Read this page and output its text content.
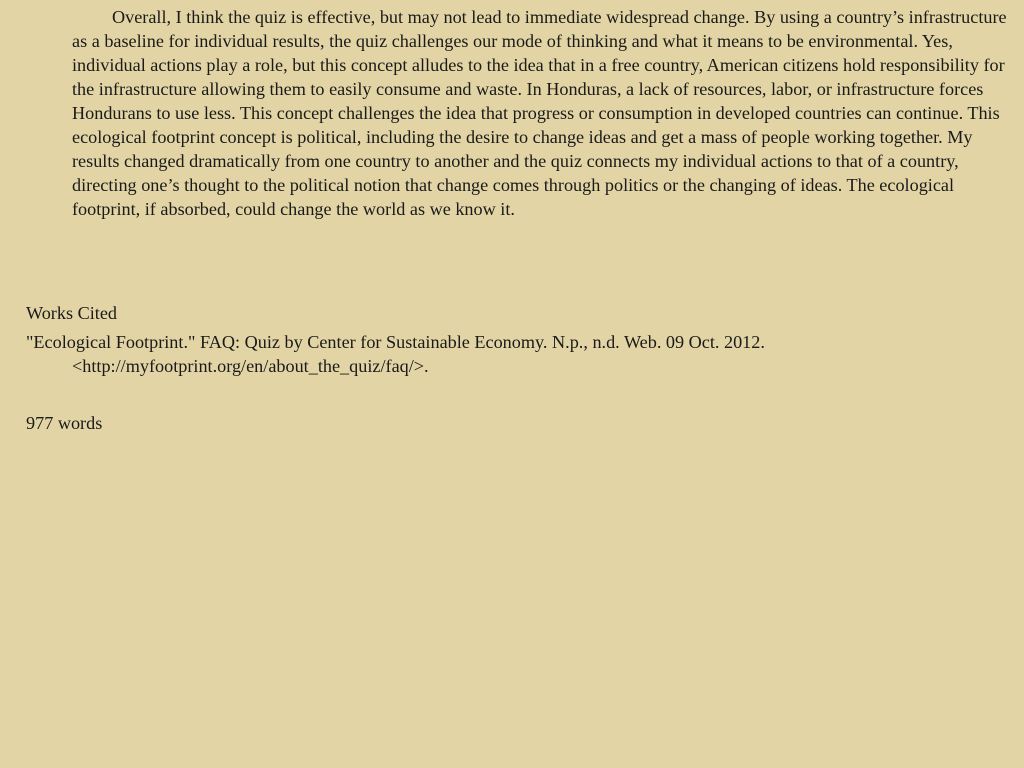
Overall, I think the quiz is effective, but may not lead to immediate widespread change. By using a country’s infrastructure as a baseline for individual results, the quiz challenges our mode of thinking and what it means to be environmental. Yes, individual actions play a role, but this concept alludes to the idea that in a free country, American citizens hold responsibility for the infrastructure allowing them to easily consume and waste. In Honduras, a lack of resources, labor, or infrastructure forces Hondurans to use less. This concept challenges the idea that progress or consumption in developed countries can continue. This ecological footprint concept is political, including the desire to change ideas and get a mass of people working together. My results changed dramatically from one country to another and the quiz connects my individual actions to that of a country, directing one’s thought to the political notion that change comes through politics or the changing of ideas. The ecological footprint, if absorbed, could change the world as we know it.

Works Cited

"Ecological Footprint." FAQ: Quiz by Center for Sustainable Economy. N.p., n.d. Web. 09 Oct. 2012.
<http://myfootprint.org/en/about_the_quiz/faq/>.

977 words
